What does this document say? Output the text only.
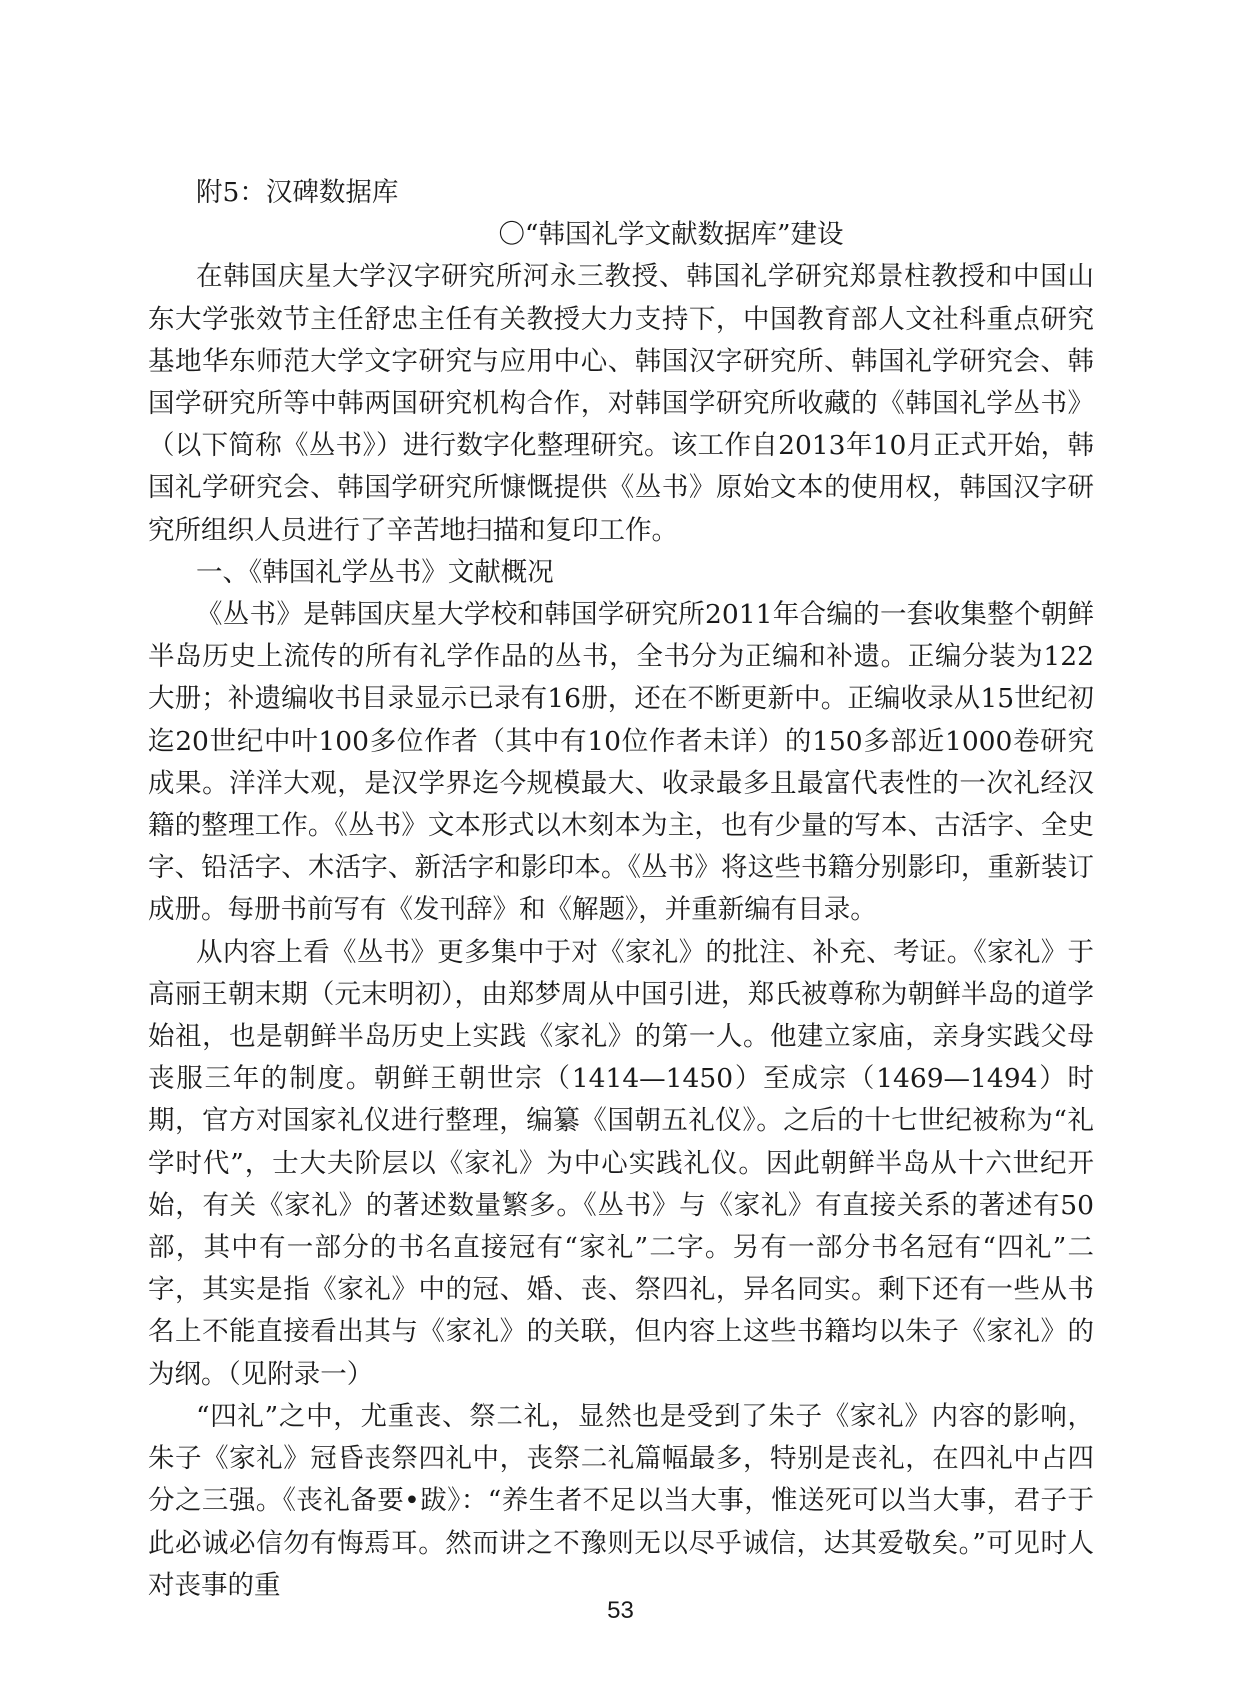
附5：汉碑数据库

〇“韩国礼学文献数据库”建设

在韩国庆星大学汉字研究所河永三教授、韩国礼学研究郑景柱教授和中国山东大学张效节主任舒忠主任有关教授大力支持下，中国教育部人文社科重点研究基地华东师范大学文字研究与应用中心、韩国汉字研究所、韩国礼学研究会、韩国学研究所等中韩两国研究机构合作，对韩国学研究所收藏的《韩国礼学丛书》（以下简称《丛书》）进行数字化整理研究。该工作自2013年10月正式开始，韩国礼学研究会、韩国学研究所慷慨提供《丛书》原始文本的使用权，韩国汉字研究所组织人员进行了辛苦地扫描和复印工作。

一、《韩国礼学丛书》文献概况

《丛书》是韩国庆星大学校和韩国学研究所2011年合编的一套收集整个朝鲜半岛历史上流传的所有礼学作品的丛书，全书分为正编和补遗。正编分装为122大册；补遗编收书目录显示已录有16册，还在不断更新中。正编收录从15世纪初迄20世纪中叶100多位作者（其中有10位作者未详）的150多部近1000卷研究成果。洋洋大观，是汉学界迄今规模最大、收录最多且最富代表性的一次礼经汉籍的整理工作。《丛书》文本形式以木刻本为主，也有少量的写本、古活字、全史字、铅活字、木活字、新活字和影印本。《丛书》将这些书籍分别影印，重新装订成册。每册书前写有《发刊辞》和《解题》，并重新编有目录。

从内容上看《丛书》更多集中于对《家礼》的批注、补充、考证。《家礼》于高丽王朝末期（元末明初），由郑梦周从中国引进，郑氏被尊称为朝鲜半岛的道学始祖，也是朝鲜半岛历史上实践《家礼》的第一人。他建立家庙，亲身实践父母丧服三年的制度。朝鲜王朝世宗（1414—1450）至成宗（1469—1494）时期，官方对国家礼仪进行整理，编纂《国朝五礼仪》。之后的十七世纪被称为“礼学时代”，士大夫阶层以《家礼》为中心实践礼仪。因此朝鲜半岛从十六世纪开始，有关《家礼》的著述数量繁多。《丛书》与《家礼》有直接关系的著述有50部，其中有一部分的书名直接冠有“家礼”二字。另有一部分书名冠有“四礼”二字，其实是指《家礼》中的冠、婚、丧、祭四礼，异名同实。剩下还有一些从书名上不能直接看出其与《家礼》的关联，但内容上这些书籍均以朱子《家礼》的为纲。（见附录一）

“四礼”之中，尤重丧、祭二礼，显然也是受到了朱子《家礼》内容的影响，朱子《家礼》冠昏丧祭四礼中，丧祭二礼篇幅最多，特别是丧礼，在四礼中占四分之三强。《丧礼备要•跋》：“养生者不足以当大事，惟送死可以当大事，君子于此必诚必信勿有悔焉耳。然而讲之不豫则无以尽乎诚信，达其爱敬矣。”可见时人对丧事的重

53
